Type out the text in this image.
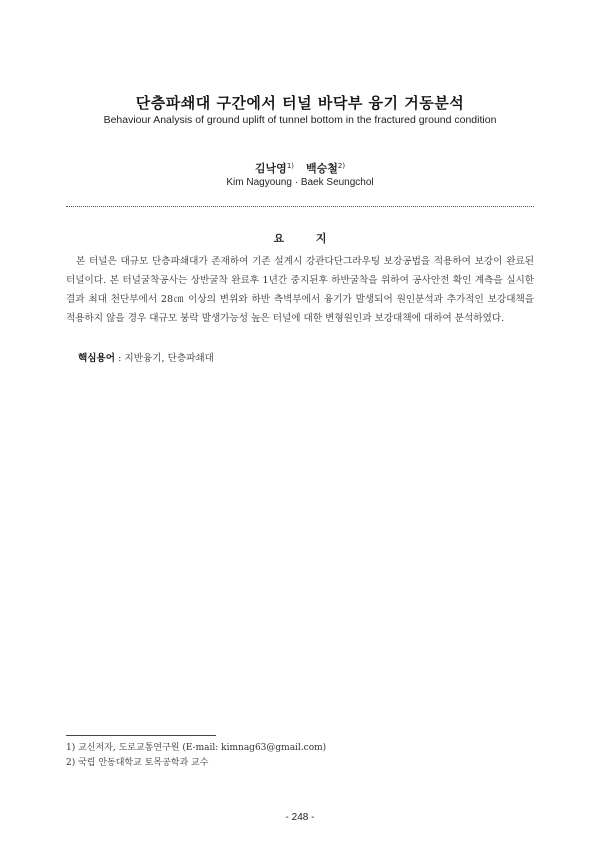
단층파쇄대 구간에서 터널 바닥부 융기 거동분석
Behaviour Analysis of ground uplift of tunnel bottom in the fractured ground condition
김낙영$^{1)}$ 백승철$^{2)}$
Kim Nagyoung · Baek Seungchol
요 지
본 터널은 대규모 단층파쇄대가 존재하여 기존 설계시 강관다단그라우팅 보강공법을 적용하여 보강이 완료된 터널이다. 본 터널굴착공사는 상반굴착 완료후 1년간 중지된후 하반굴착을 위하여 공사안전 확인 계측을 실시한 결과 최대 천단부에서 28㎝ 이상의 변위와 하반 측벽부에서 융기가 발생되어 원인분석과 추가적인 보강대책을 적용하지 않을 경우 대규모 붕락 발생가능성 높은 터널에 대한 변형원인과 보강대책에 대하여 분석하였다.
핵심용어 : 지반융기, 단층파쇄대
1) 교신저자, 도로교통연구원 (E-mail: kimnag63@gmail.com)
2) 국립 안동대학교 토목공학과 교수
- 248 -
